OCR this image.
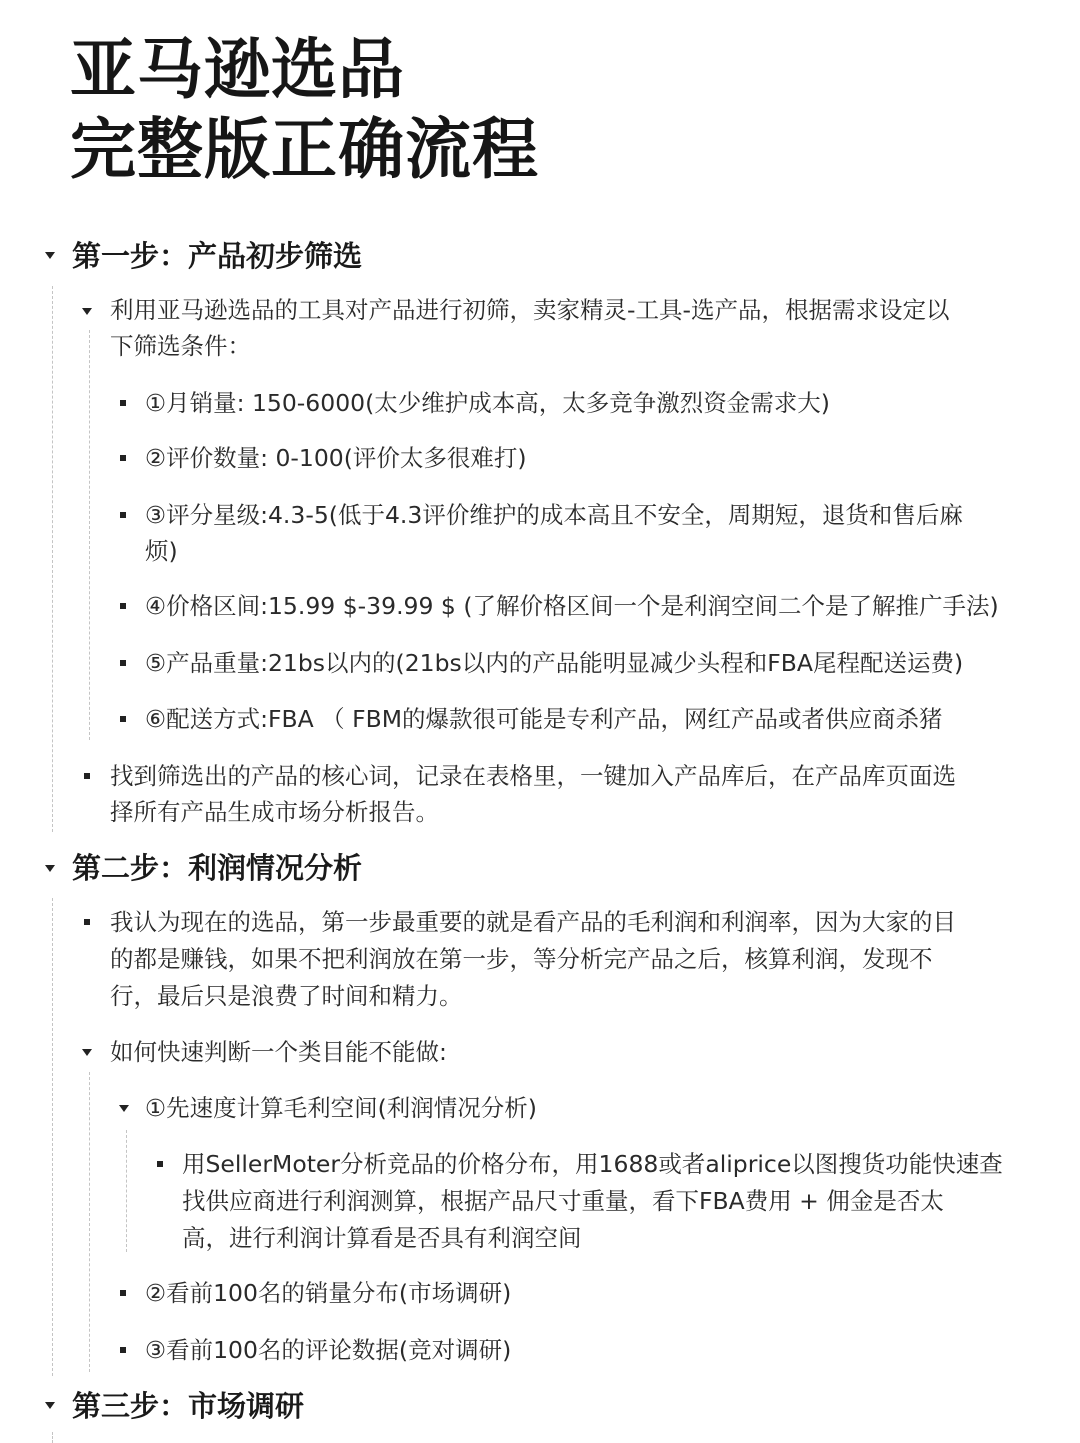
亚马逊选品
完整版正确流程
第一步：产品初步筛选
利用亚马逊选品的工具对产品进行初筛，卖家精灵-工具-选产品，根据需求设定以
下筛选条件：
①月销量: 150-6000(太少维护成本高，太多竞争激烈资金需求大)
②评价数量: 0-100(评价太多很难打)
③评分星级:4.3-5(低于4.3评价维护的成本高且不安全，周期短，退货和售后麻
烦)
④价格区间:15.99 $-39.99 $ (了解价格区间一个是利润空间二个是了解推广手法)
⑤产品重量:21bs以内的(21bs以内的产品能明显减少头程和FBA尾程配送运费)
⑥配送方式:FBA （ FBM的爆款很可能是专利产品，网红产品或者供应商杀猪
找到筛选出的产品的核心词，记录在表格里，一键加入产品库后，在产品库页面选
择所有产品生成市场分析报告。
第二步：利润情况分析
我认为现在的选品，第一步最重要的就是看产品的毛利润和利润率，因为大家的目
的都是赚钱，如果不把利润放在第一步，等分析完产品之后，核算利润，发现不
行，最后只是浪费了时间和精力。
如何快速判断一个类目能不能做:
①先速度计算毛利空间(利润情况分析)
用SellerMoter分析竞品的价格分布，用1688或者aliprice以图搜货功能快速查
找供应商进行利润测算，根据产品尺寸重量，看下FBA费用 + 佣金是否太
高，进行利润计算看是否具有利润空间
②看前100名的销量分布(市场调研)
③看前100名的评论数据(竞对调研)
第三步：市场调研
